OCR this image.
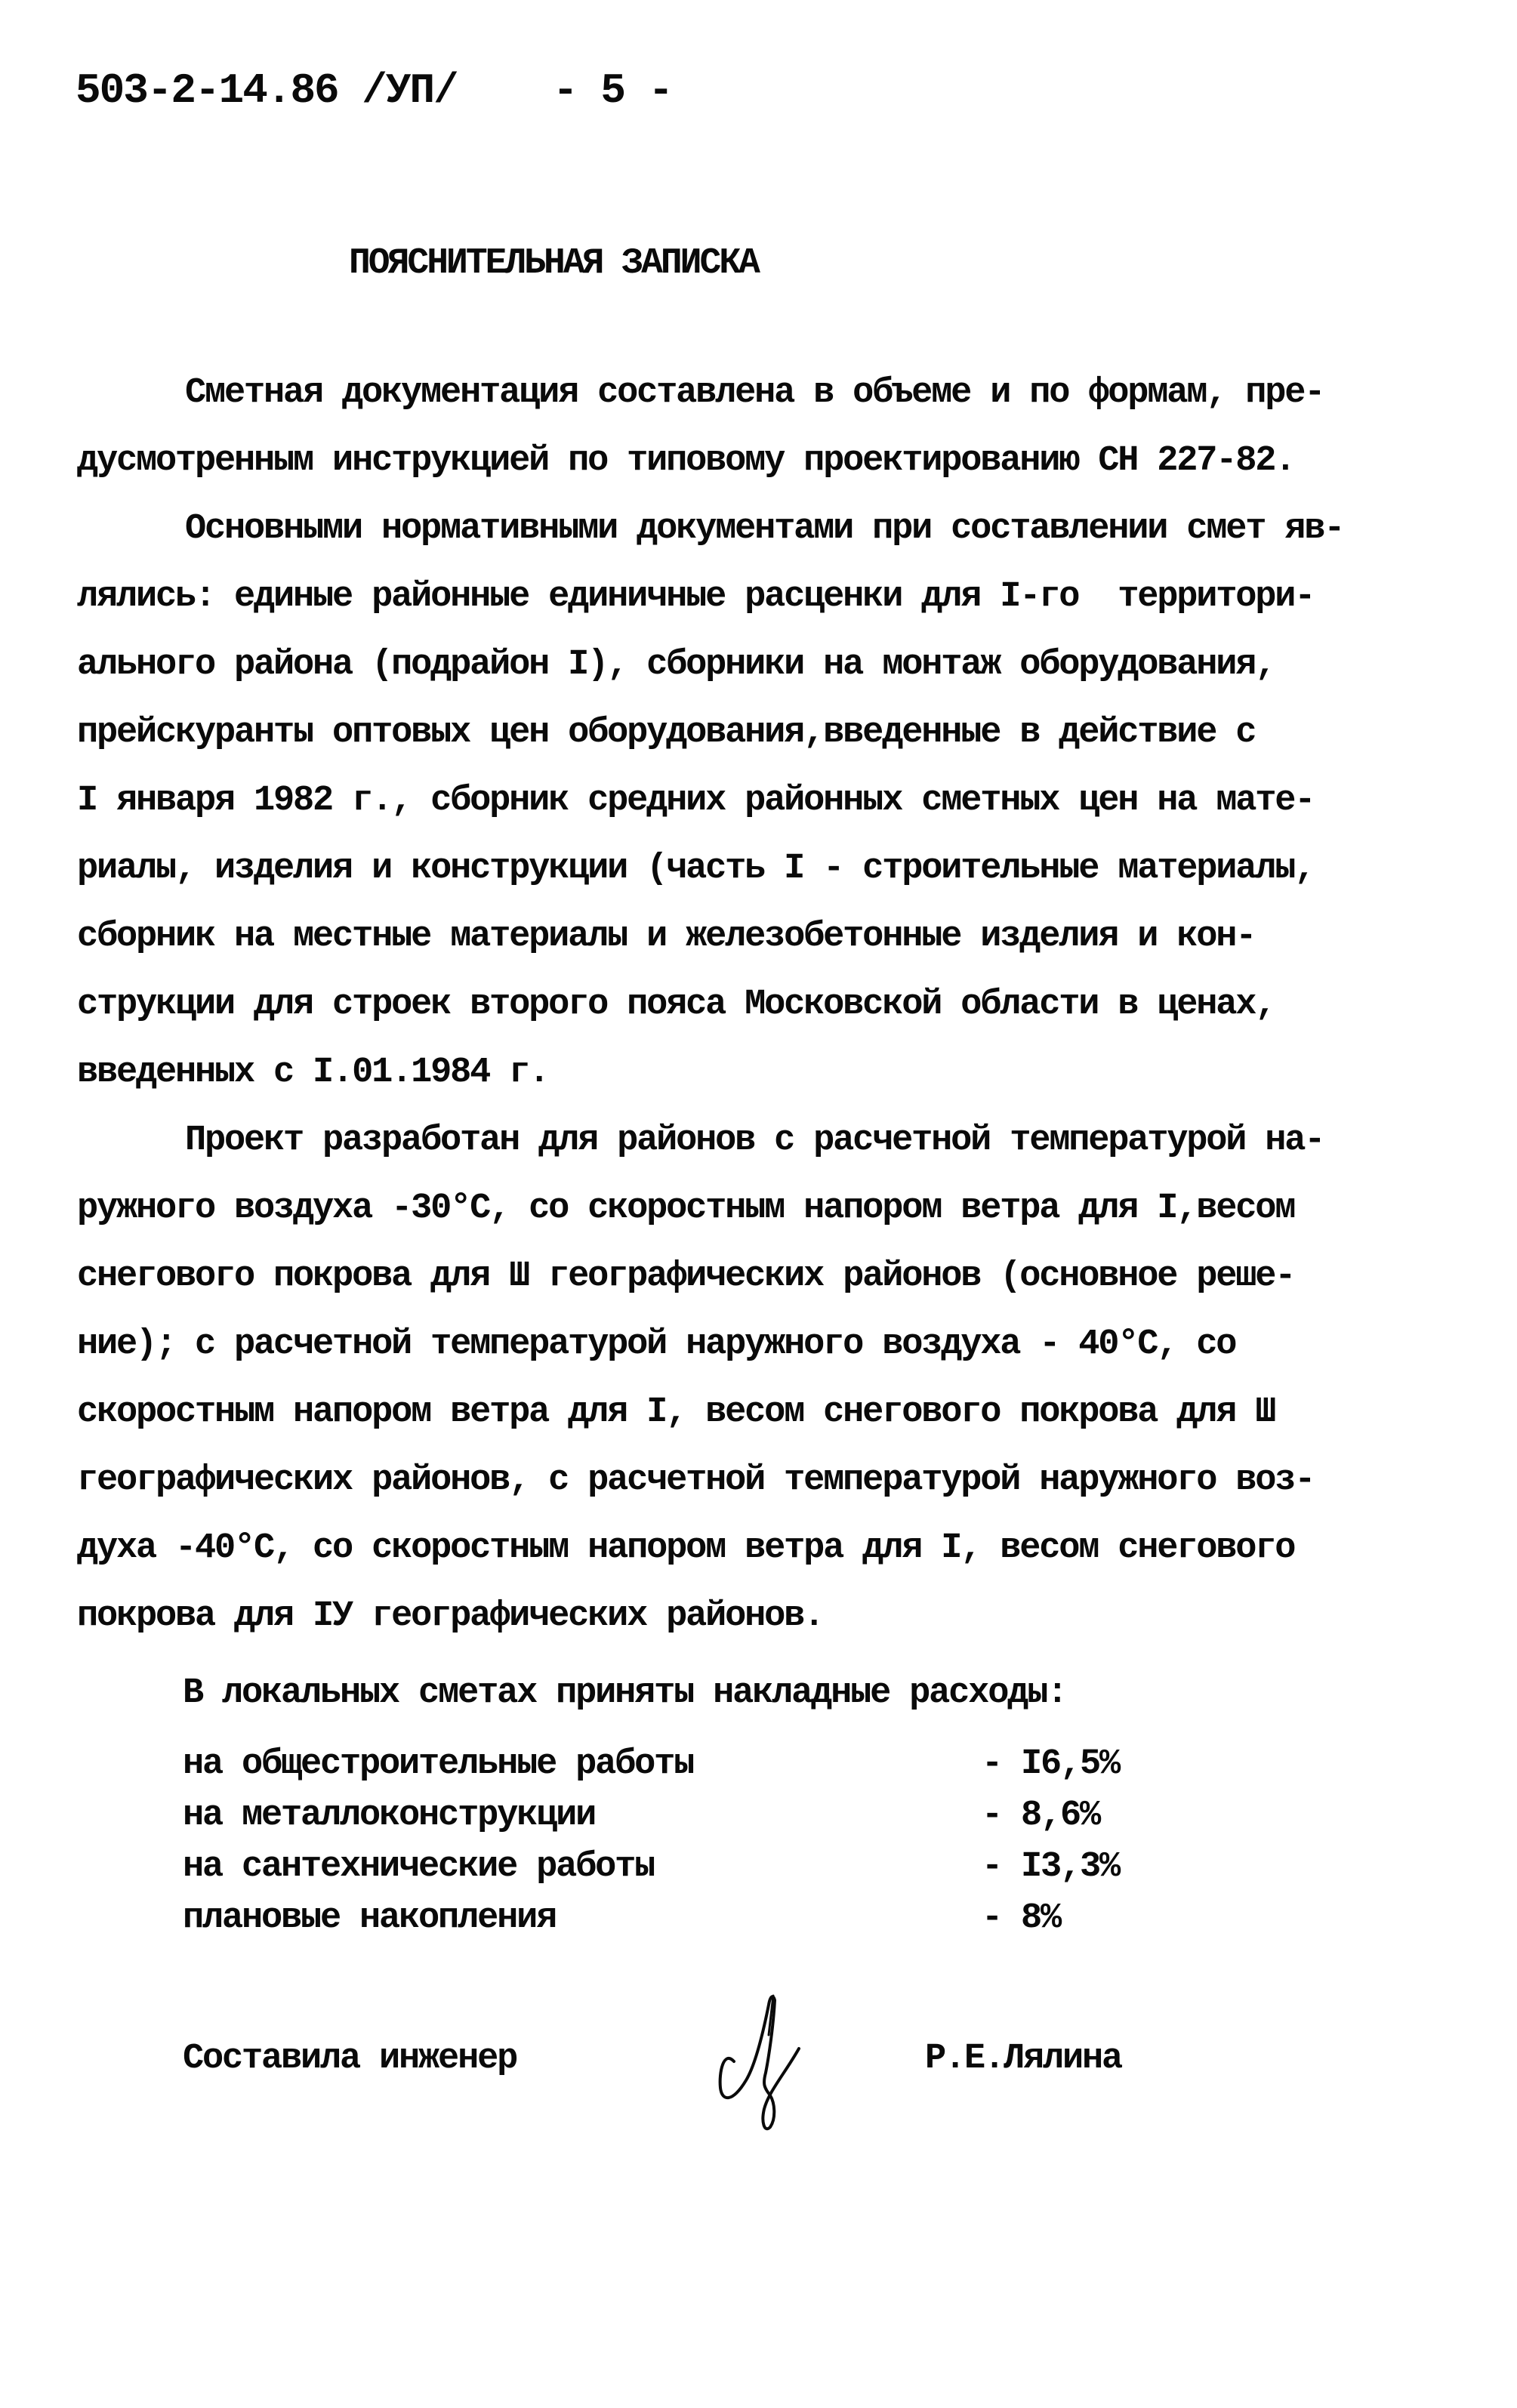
503-2-14.86 /УП/ - 5 -
ПОЯСНИТЕЛЬНАЯ ЗАПИСКА
Сметная документация составлена в объеме и по формам, пре-
дусмотренным инструкцией по типовому проектированию СН 227-82.
Основными нормативными документами при составлении смет яв-
лялись: единые районные единичные расценки для I-го  территори-
ального района (подрайон I), сборники на монтаж оборудования,
прейскуранты оптовых цен оборудования,введенные в действие с
I января 1982 г., сборник средних районных сметных цен на мате-
риалы, изделия и конструкции (часть I - строительные материалы,
сборник на местные материалы и железобетонные изделия и кон-
струкции для строек второго пояса Московской области в ценах,
введенных с I.01.1984 г.
Проект разработан для районов с расчетной температурой на-
ружного воздуха -30°С, со скоростным напором ветра для I,весом
снегового покрова для Ш географических районов (основное реше-
ние); с расчетной температурой наружного воздуха - 40°С, со
скоростным напором ветра для I, весом снегового покрова для Ш
географических районов, с расчетной температурой наружного воз-
духа -40°С, со скоростным напором ветра для I, весом снегового
покрова для IУ географических районов.
В локальных сметах приняты накладные расходы:
на общестроительные работы	- I6,5%
на металлоконструкции	- 8,6%
на сантехнические работы	- I3,3%
плановые накопления	- 8%
Составила инженер	Р.Е.Лялина
